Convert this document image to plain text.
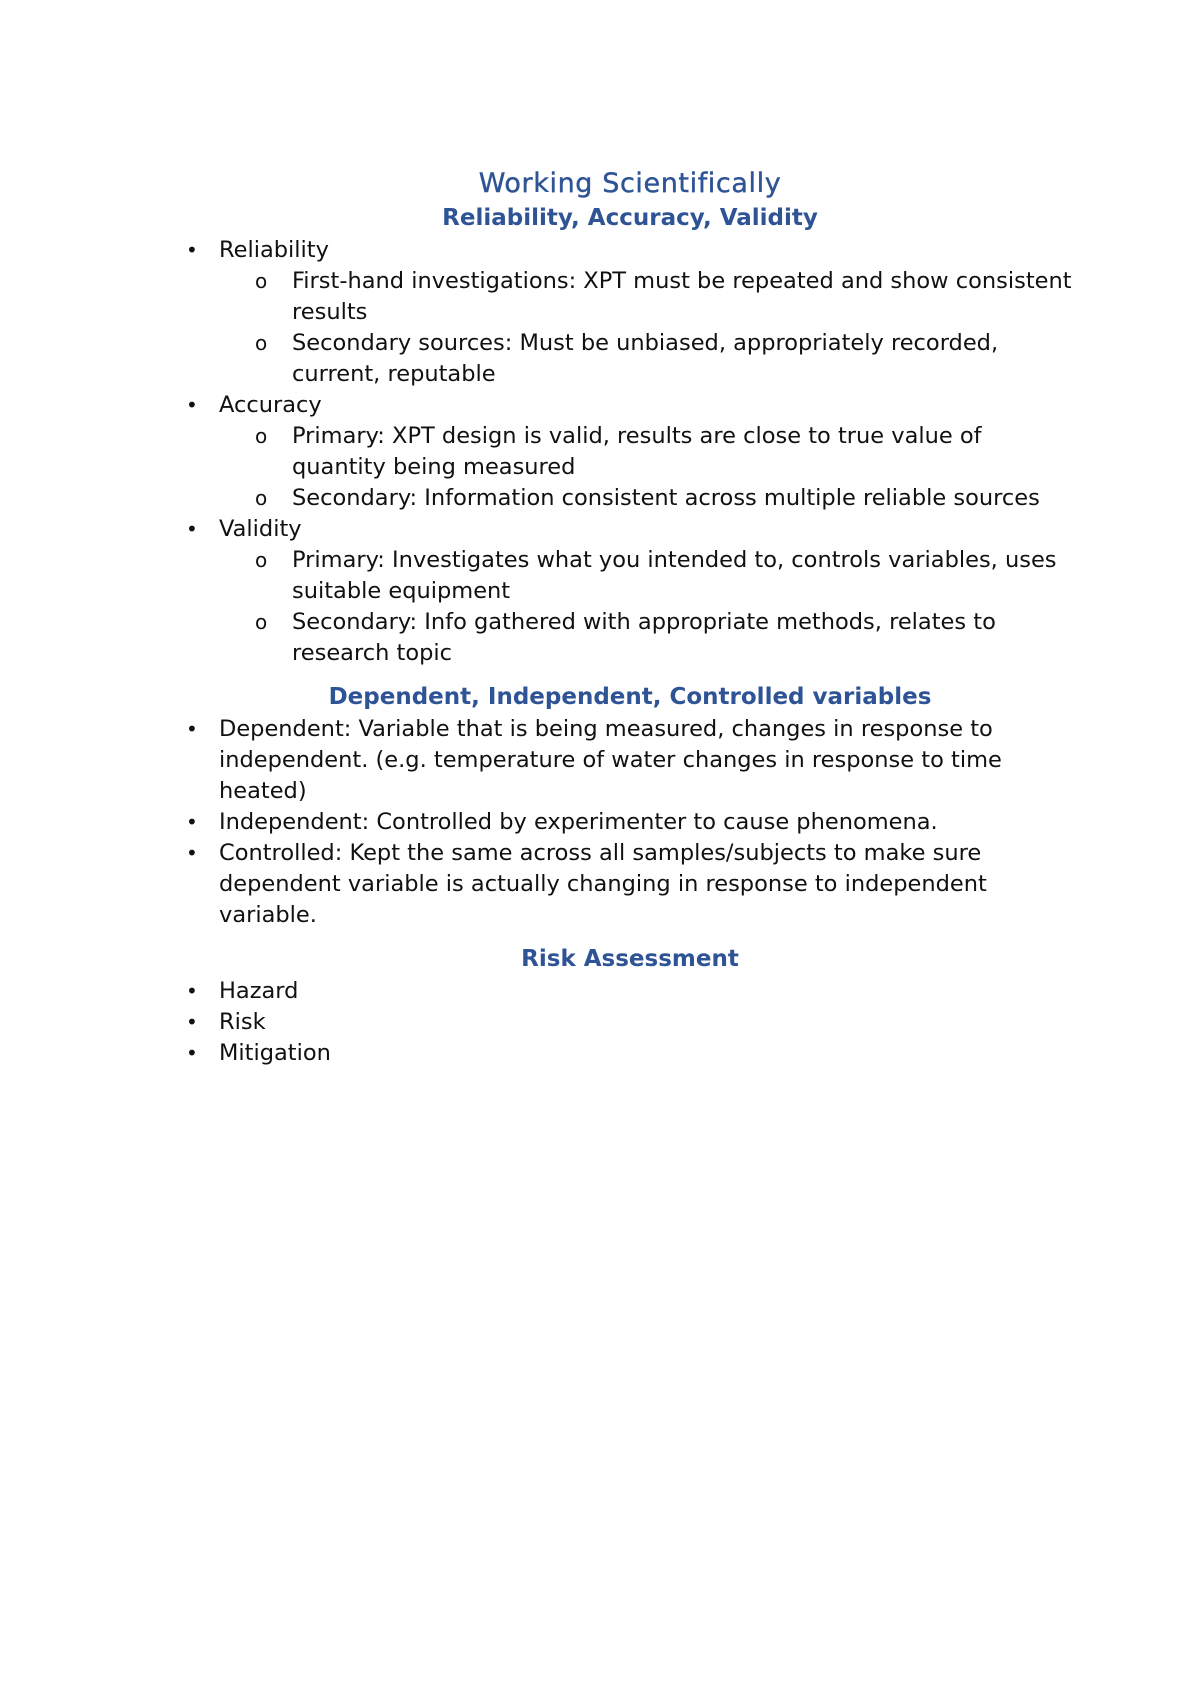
Working Scientifically
Reliability, Accuracy, Validity
• Reliability
o First-hand investigations: XPT must be repeated and show consistent results
o Secondary sources: Must be unbiased, appropriately recorded, current, reputable
• Accuracy
o Primary: XPT design is valid, results are close to true value of quantity being measured
o Secondary: Information consistent across multiple reliable sources
• Validity
o Primary: Investigates what you intended to, controls variables, uses suitable equipment
o Secondary: Info gathered with appropriate methods, relates to research topic
Dependent, Independent, Controlled variables
• Dependent: Variable that is being measured, changes in response to independent. (e.g. temperature of water changes in response to time heated)
• Independent: Controlled by experimenter to cause phenomena.
• Controlled: Kept the same across all samples/subjects to make sure dependent variable is actually changing in response to independent variable.
Risk Assessment
• Hazard
• Risk
• Mitigation
